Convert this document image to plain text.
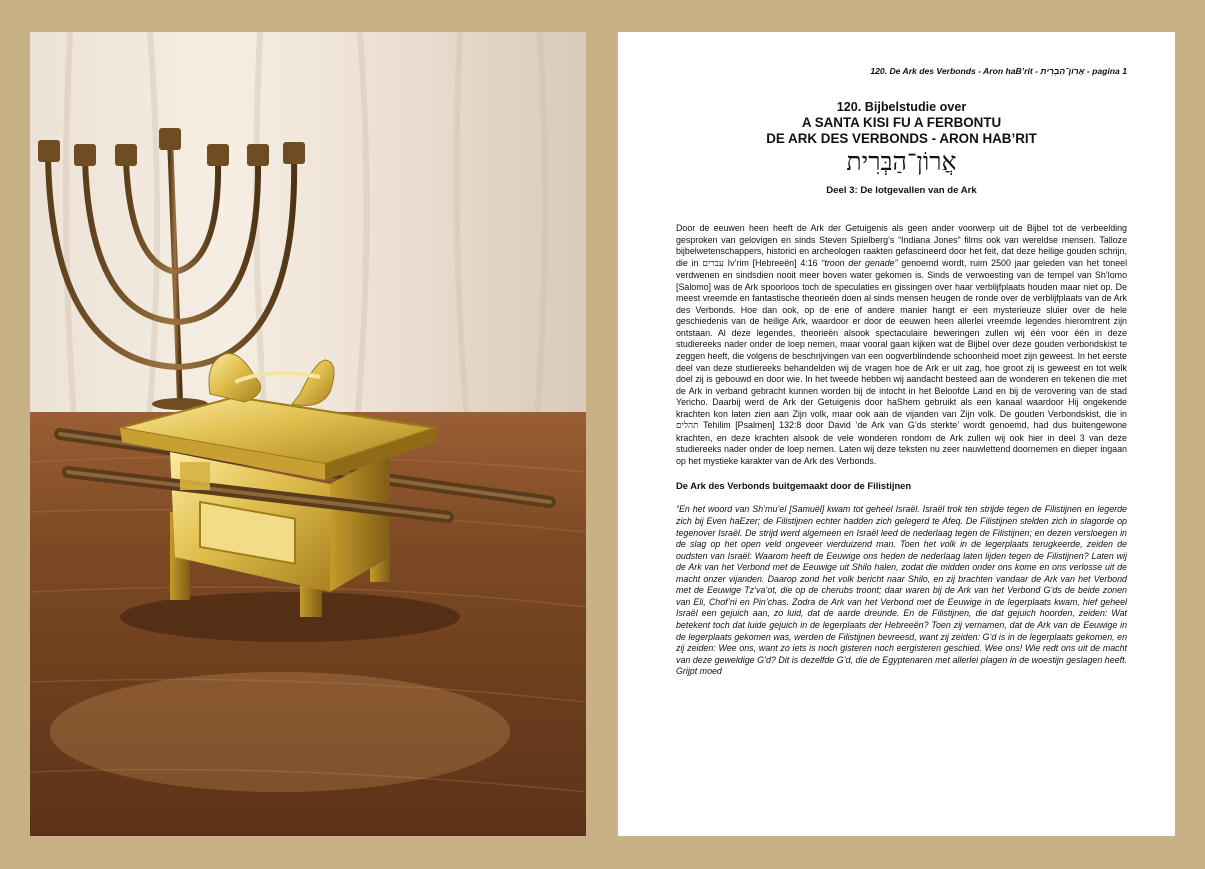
120. De Ark des Verbonds - Aron haB’rit - אֲרוֹן־הַבְּרִית - pagina 1
120. Bijbelstudie over
A SANTA KISI FU A FERBONTU
DE ARK DES VERBONDS - ARON HAB’RIT
אֲרוֹן־הַבְּרִית
Deel 3: De lotgevallen van de Ark
Door de eeuwen heen heeft de Ark der Getuigenis als geen ander voorwerp uit de Bijbel tot de verbeelding gesproken van gelovigen en sinds Steven Spielberg’s “Indiana Jones” films ook van wereldse mensen. Talloze bijbelwetenschappers, historici en archeologen raakten gefascineerd door het feit, dat deze heilige gouden schrijn, die in עברים Iv’rim [Hebreeën] 4:16 “troon der genade” genoemd wordt, ruim 2500 jaar geleden van het toneel verdwenen en sindsdien nooit meer boven water gekomen is. Sinds de verwoesting van de tempel van Sh’lomo [Salomo] was de Ark spoorloos toch de speculaties en gissingen over haar verblijfplaats houden maar niet op. De meest vreemde en fantastische theorieën doen al sinds mensen heugen de ronde over de verblijfplaats van de Ark des Verbonds. Hoe dan ook, op de ene of andere manier hangt er een mysterieuze sluier over de hele geschiedenis van de heilige Ark, waardoor er door de eeuwen heen allerlei vreemde legendes hieromtrent zijn ontstaan. Al deze legendes, theorieën alsook spectaculaire beweringen zullen wij één voor één in deze studiereeks nader onder de loep nemen, maar vooral gaan kijken wat de Bijbel over deze gouden verbondskist te zeggen heeft, die volgens de beschrijvingen van een oogverblindende schoonheid moet zijn geweest. In het eerste deel van deze studiereeks behandelden wij de vragen hoe de Ark er uit zag, hoe groot zij is geweest en tot welk doel zij is gebouwd en door wie. In het tweede hebben wij aandacht besteed aan de wonderen en tekenen die met de Ark in verband gebracht kunnen worden bij de intocht in het Beloofde Land en bij de verovering van de stad Yericho. Daarbij werd de Ark der Getuigenis door haShem gebruikt als een kanaal waardoor Hij ongekende krachten kon laten zien aan Zijn volk, maar ook aan de vijanden van Zijn volk. De gouden Verbondskist, die in תהלים Tehilim [Psalmen] 132:8 door David ‘de Ark van G’ds sterkte’ wordt genoemd, had dus buitengewone krachten, en deze krachten alsook de vele wonderen rondom de Ark zullen wij ook hier in deel 3 van deze studiereeks nader onder de loep nemen. Laten wij deze teksten nu zeer nauwlettend doornemen en dieper ingaan op het mystieke karakter van de Ark des Verbonds.
De Ark des Verbonds buitgemaakt door de Filistijnen
“En het woord van Sh’mu’el [Samuël] kwam tot geheel Israël. Israël trok ten strijde tegen de Filistijnen en legerde zich bij Even haEzer; de Filistijnen echter hadden zich gelegerd te Afeq. De Filistijnen stelden zich in slagorde op tegenover Israël. De strijd werd algemeen en Israël leed de nederlaag tegen de Filistijnen; en dezen versloegen in de slag op het open veld ongeveer vierduizend man. Toen het volk in de legerplaats terugkeerde, zeiden de oudsten van Israël: Waarom heeft de Eeuwige ons heden de nederlaag laten lijden tegen de Filistijnen? Laten wij de Ark van het Verbond met de Eeuwige uit Shilo halen, zodat die midden onder ons kome en ons verlosse uit de macht onzer vijanden. Daarop zond het volk bericht naar Shilo, en zij brachten vandaar de Ark van het Verbond met de Eeuwige Tz’va’ot, die op de cherubs troont; daar waren bij de Ark van het Verbond G’ds de beide zonen van Eli, Chof’ni en Pin’chas. Zodra de Ark van het Verbond met de Eeuwige in de legerplaats kwam, hief geheel Israël een gejuich aan, zo luid, dat de aarde dreunde. En de Filistijnen, die dat gejuich hoorden, zeiden: Wat betekent toch dat luide gejuich in de legerplaats der Hebreeën? Toen zij vernamen, dat de Ark van de Eeuwige in de legerplaats gekomen was, werden de Filistijnen bevreesd, want zij zeiden: G’d is in de legerplaats gekomen, en zij zeiden: Wee ons, want zo iets is noch gisteren noch eergisteren geschied. Wee ons! Wie redt ons uit de macht van deze geweldige G’d? Dit is dezelfde G’d, die de Egyptenaren met allerlei plagen in de woestijn geslagen heeft. Grijpt moed
